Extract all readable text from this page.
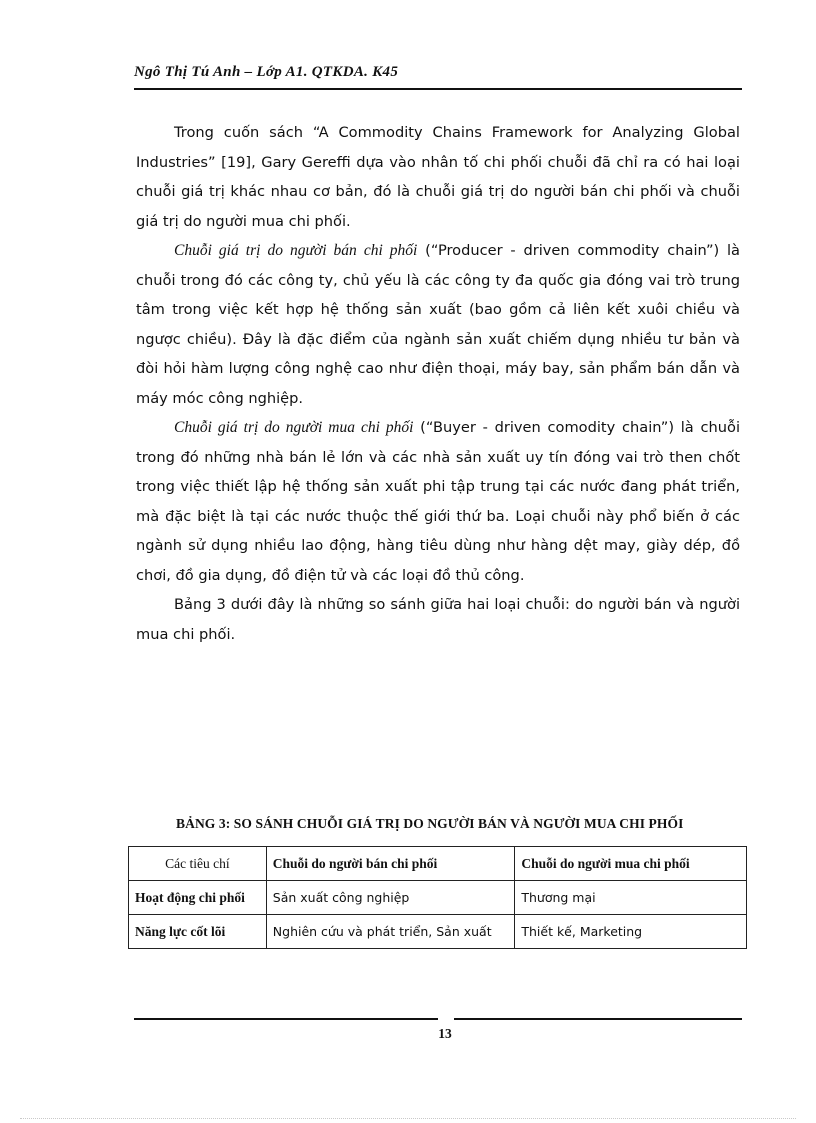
Ngô Thị Tú Anh – Lớp A1. QTKDA. K45

Trong cuốn sách “A Commodity Chains Framework for Analyzing Global Industries” [19], Gary Gereffi dựa vào nhân tố chi phối chuỗi đã chỉ ra có hai loại chuỗi giá trị khác nhau cơ bản, đó là chuỗi giá trị do người bán chi phối và chuỗi giá trị do người mua chi phối.

Chuỗi giá trị do người bán chi phối (“Producer - driven commodity chain”) là chuỗi trong đó các công ty, chủ yếu là các công ty đa quốc gia đóng vai trò trung tâm trong việc kết hợp hệ thống sản xuất (bao gồm cả liên kết xuôi chiều và ngược chiều). Đây là đặc điểm của ngành sản xuất chiếm dụng nhiều tư bản và đòi hỏi hàm lượng công nghệ cao như điện thoại, máy bay, sản phẩm bán dẫn và máy móc công nghiệp.

Chuỗi giá trị do người mua chi phối (“Buyer - driven comodity chain”) là chuỗi trong đó những nhà bán lẻ lớn và các nhà sản xuất uy tín đóng vai trò then chốt trong việc thiết lập hệ thống sản xuất phi tập trung tại các nước đang phát triển, mà đặc biệt là tại các nước thuộc thế giới thứ ba. Loại chuỗi này phổ biến ở các ngành sử dụng nhiều lao động, hàng tiêu dùng như hàng dệt may, giày dép, đồ chơi, đồ gia dụng, đồ điện tử và các loại đồ thủ công.

Bảng 3 dưới đây là những so sánh giữa hai loại chuỗi: do người bán và người mua chi phối.

BẢNG 3: SO SÁNH CHUỖI GIÁ TRỊ DO NGƯỜI BÁN VÀ NGƯỜI MUA CHI PHỐI
Các tiêu chí	Chuỗi do người bán chi phối	Chuỗi do người mua chi phối
Hoạt động chi phối	Sản xuất công nghiệp	Thương mại
Năng lực cốt lõi	Nghiên cứu và phát triển, Sản xuất	Thiết kế, Marketing
13
